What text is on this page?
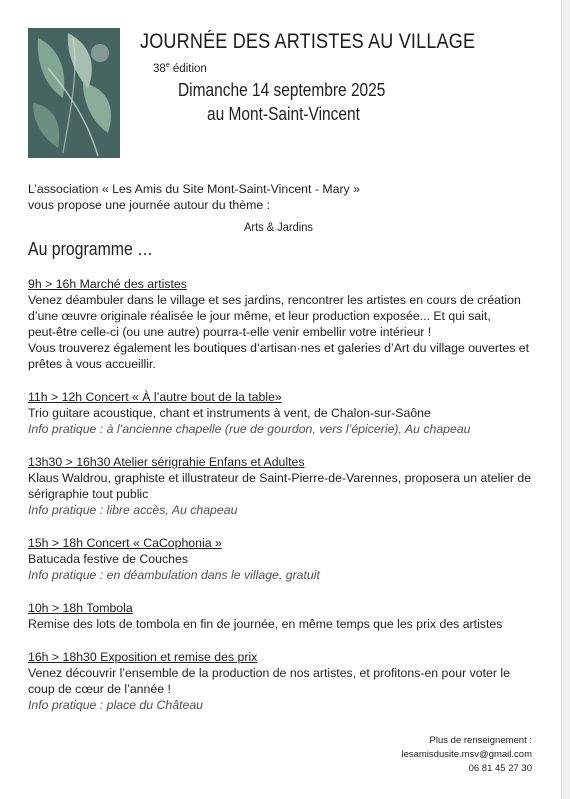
JOURNÉE DES ARTISTES AU VILLAGE
38e édition
Dimanche 14 septembre 2025
au Mont-Saint-Vincent
L’association « Les Amis du Site Mont-Saint-Vincent - Mary »
vous propose une journée autour du thème :
Arts & Jardins
Au programme …
9h > 16h Marché des artistes
Venez déambuler dans le village et ses jardins, rencontrer les artistes en cours de création
d’une œuvre originale réalisée le jour même, et leur production exposée... Et qui sait,
peut-être celle-ci (ou une autre) pourra-t-elle venir embellir votre intérieur !
Vous trouverez également les boutiques d’artisan·nes et galeries d’Art du village ouvertes et
prêtes à vous accueillir.
11h > 12h Concert « À l’autre bout de la table»
Trio guitare acoustique, chant et instruments à vent, de Chalon-sur-Saône
Info pratique : à l’ancienne chapelle (rue de gourdon, vers l’épicerie), Au chapeau
13h30 > 16h30 Atelier sérigrahie Enfans et Adultes
Klaus Waldrou, graphiste et illustrateur de Saint-Pierre-de-Varennes, proposera un atelier de
sérigraphie tout public
Info pratique : libre accès, Au chapeau
15h > 18h Concert « CaCophonia »
Batucada festive de Couches
Info pratique : en déambulation dans le village, gratuit
10h > 18h Tombola
Remise des lots de tombola en fin de journée, en même temps que les prix des artistes
16h > 18h30 Exposition et remise des prix
Venez découvrir l’ensemble de la production de nos artistes, et profitons-en pour voter le
coup de cœur de l’année !
Info pratique : place du Château
Plus de renseignement :
lesamisdusite.msv@gmail.com
06 81 45 27 30
